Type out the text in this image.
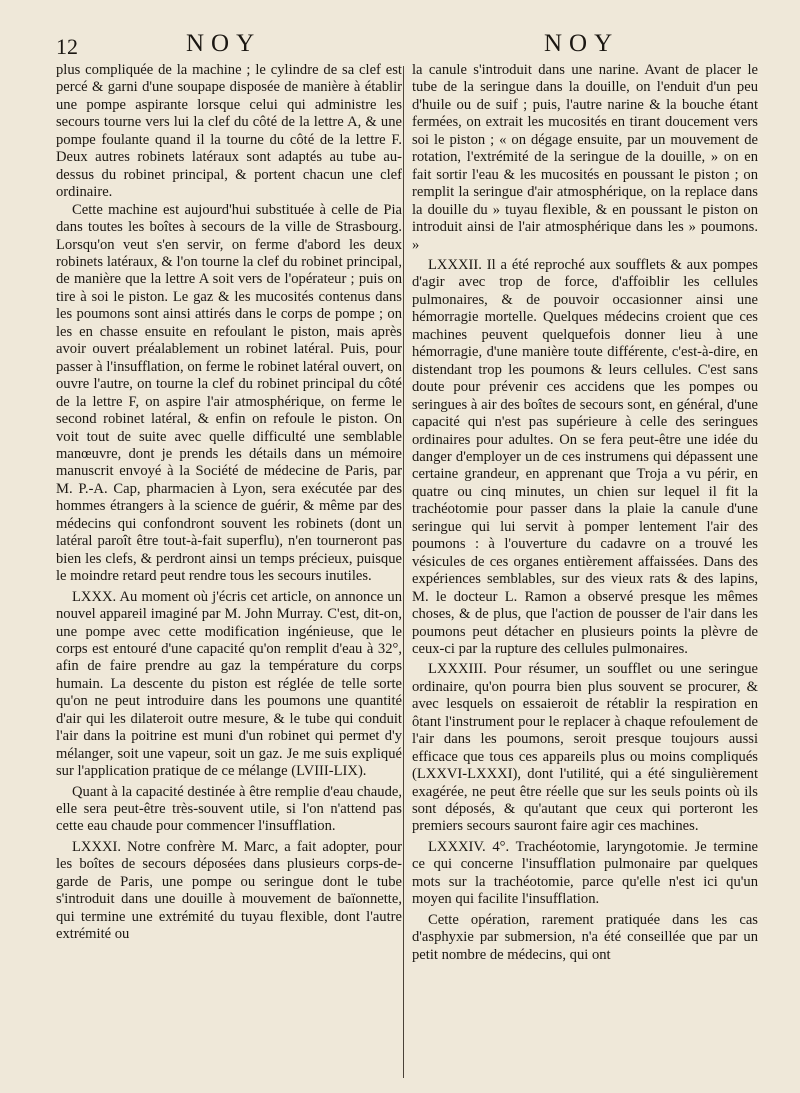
12	NOY	NOY

plus compliquée de la machine ; le cylindre de sa clef est percé & garni d'une soupape disposée de manière à établir une pompe aspirante lorsque celui qui administre les secours tourne vers lui la clef du côté de la lettre A, & une pompe foulante quand il la tourne du côté de la lettre F. Deux autres robinets latéraux sont adaptés au tube au-dessus du robinet principal, & portent chacun une clef ordinaire.

Cette machine est aujourd'hui substituée à celle de Pia dans toutes les boîtes à secours de la ville de Strasbourg. Lorsqu'on veut s'en servir, on ferme d'abord les deux robinets latéraux, & l'on tourne la clef du robinet principal, de manière que la lettre A soit vers de l'opérateur ; puis on tire à soi le piston. Le gaz & les mucosités contenus dans les poumons sont ainsi attirés dans le corps de pompe ; on les en chasse ensuite en refoulant le piston, mais après avoir ouvert préalablement un robinet latéral. Puis, pour passer à l'insufflation, on ferme le robinet latéral ouvert, on ouvre l'autre, on tourne la clef du robinet principal du côté de la lettre F, on aspire l'air atmosphérique, on ferme le second robinet latéral, & enfin on refoule le piston. On voit tout de suite avec quelle difficulté une semblable manœuvre, dont je prends les détails dans un mémoire manuscrit envoyé à la Société de médecine de Paris, par M. P.-A. Cap, pharmacien à Lyon, sera exécutée par des hommes étrangers à la science de guérir, & même par des médecins qui confondront souvent les robinets (dont un latéral paroît être tout-à-fait superflu), n'en tourneront pas bien les clefs, & perdront ainsi un temps précieux, puisque le moindre retard peut rendre tous les secours inutiles.

LXXX. Au moment où j'écris cet article, on annonce un nouvel appareil imaginé par M. John Murray. C'est, dit-on, une pompe avec cette modification ingénieuse, que le corps est entouré d'une capacité qu'on remplit d'eau à 32°, afin de faire prendre au gaz la température du corps humain. La descente du piston est réglée de telle sorte qu'on ne peut introduire dans les poumons une quantité d'air qui les dilateroit outre mesure, & le tube qui conduit l'air dans la poitrine est muni d'un robinet qui permet d'y mélanger, soit une vapeur, soit un gaz. Je me suis expliqué sur l'application pratique de ce mélange (LVIII-LIX).

Quant à la capacité destinée à être remplie d'eau chaude, elle sera peut-être très-souvent utile, si l'on n'attend pas cette eau chaude pour commencer l'insufflation.

LXXXI. Notre confrère M. Marc, a fait adopter, pour les boîtes de secours déposées dans plusieurs corps-de-garde de Paris, une pompe ou seringue dont le tube s'introduit dans une douille à mouvement de baïonnette, qui termine une extrémité du tuyau flexible, dont l'autre extrémité ou

la canule s'introduit dans une narine. Avant de placer le tube de la seringue dans la douille, on l'enduit d'un peu d'huile ou de suif ; puis, l'autre narine & la bouche étant fermées, on extrait les mucosités en tirant doucement vers soi le piston ; « on dégage ensuite, par un mouvement de rotation, l'extrémité de la seringue de la douille, » on en fait sortir l'eau & les mucosités en poussant le piston ; on remplit la seringue d'air atmosphérique, on la replace dans la douille du » tuyau flexible, & en poussant le piston on introduit ainsi de l'air atmosphérique dans les » poumons. »

LXXXII. Il a été reproché aux soufflets & aux pompes d'agir avec trop de force, d'affoiblir les cellules pulmonaires, & de pouvoir occasionner ainsi une hémorragie mortelle. Quelques médecins croient que ces machines peuvent quelquefois donner lieu à une hémorragie, d'une manière toute différente, c'est-à-dire, en distendant trop les poumons & leurs cellules. C'est sans doute pour prévenir ces accidens que les pompes ou seringues à air des boîtes de secours sont, en général, d'une capacité qui n'est pas supérieure à celle des seringues ordinaires pour adultes. On se fera peut-être une idée du danger d'employer un de ces instrumens qui dépassent une certaine grandeur, en apprenant que Troja a vu périr, en quatre ou cinq minutes, un chien sur lequel il fit la trachéotomie pour passer dans la plaie la canule d'une seringue qui lui servit à pomper lentement l'air des poumons : à l'ouverture du cadavre on a trouvé les vésicules de ces organes entièrement affaissées. Dans des expériences semblables, sur des vieux rats & des lapins, M. le docteur L. Ramon a observé presque les mêmes choses, & de plus, que l'action de pousser de l'air dans les poumons peut détacher en plusieurs points la plèvre de ceux-ci par la rupture des cellules pulmonaires.

LXXXIII. Pour résumer, un soufflet ou une seringue ordinaire, qu'on pourra bien plus souvent se procurer, & avec lesquels on essaieroit de rétablir la respiration en ôtant l'instrument pour le replacer à chaque refoulement de l'air dans les poumons, seroit presque toujours aussi efficace que tous ces appareils plus ou moins compliqués (LXXVI-LXXXI), dont l'utilité, qui a été singulièrement exagérée, ne peut être réelle que sur les seuls points où ils sont déposés, & qu'autant que ceux qui porteront les premiers secours sauront faire agir ces machines.

LXXXIV. 4°. Trachéotomie, laryngotomie. Je termine ce qui concerne l'insufflation pulmonaire par quelques mots sur la trachéotomie, parce qu'elle n'est ici qu'un moyen qui facilite l'insufflation.

Cette opération, rarement pratiquée dans les cas d'asphyxie par submersion, n'a été conseillée que par un petit nombre de médecins, qui ont
